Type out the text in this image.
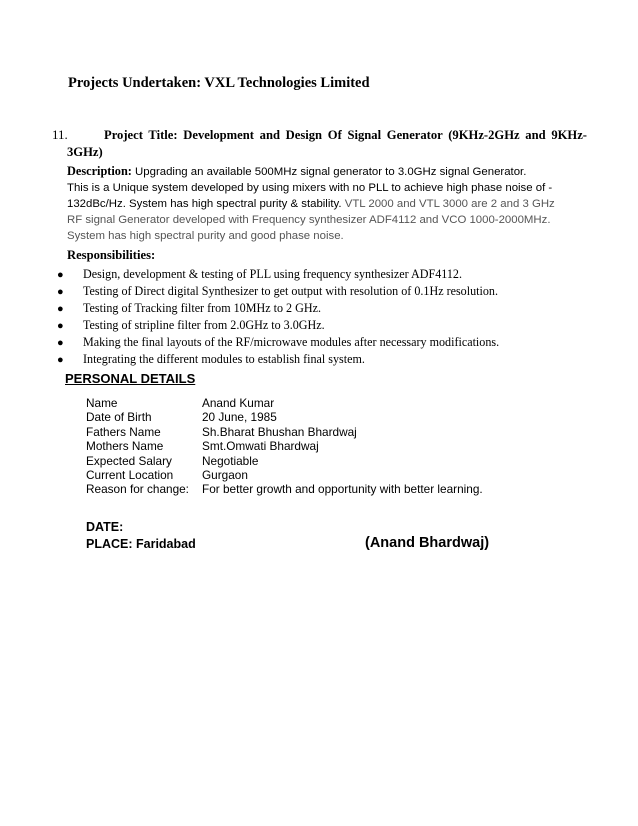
Projects Undertaken: VXL Technologies Limited
11.	Project Title: Development and Design Of Signal Generator (9KHz-2GHz and 9KHz-3GHz)
Description: Upgrading an available 500MHz signal generator to 3.0GHz signal Generator.
This is a Unique system developed by using mixers with no PLL to achieve high phase noise of -
132dBc/Hz. System has high spectral purity & stability. VTL 2000 and VTL 3000 are 2 and 3 GHz
RF signal Generator developed with Frequency synthesizer ADF4112 and VCO 1000-2000MHz.
System has high spectral purity and good phase noise.
Responsibilities:
●	Design, development & testing of PLL using frequency synthesizer ADF4112.
●	Testing of Direct digital Synthesizer to get output with resolution of 0.1Hz resolution.
●	Testing of Tracking filter from 10MHz to 2 GHz.
●	Testing of stripline filter from 2.0GHz to 3.0GHz.
●	Making the final layouts of the RF/microwave modules after necessary modifications.
●	Integrating the different modules to establish final system.
PERSONAL DETAILS
Name	Anand Kumar
Date of Birth	20 June, 1985
Fathers Name	Sh.Bharat Bhushan Bhardwaj
Mothers Name	Smt.Omwati Bhardwaj
Expected Salary	Negotiable
Current Location	Gurgaon
Reason for change:	For better growth and opportunity with better learning.
DATE:
PLACE: Faridabad	(Anand Bhardwaj)
